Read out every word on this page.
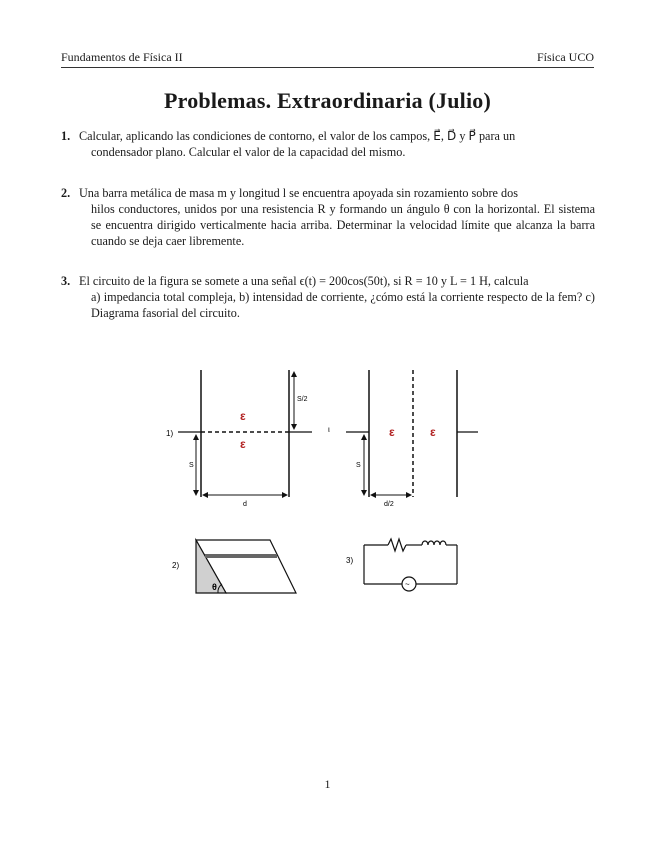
Fundamentos de Física II	Física UCO
Problemas. Extraordinaria (Julio)
1. Calcular, aplicando las condiciones de contorno, el valor de los campos, E⃗, D⃗ y P⃗ para un
condensador plano. Calcular el valor de la capacidad del mismo.
2. Una barra metálica de masa m y longitud l se encuentra apoyada sin rozamiento sobre dos
hilos conductores, unidos por una resistencia R y formando un ángulo θ con la horizontal. El sistema se encuentra dirigido verticalmente hacia arriba. Determinar la velocidad límite que alcanza la barra cuando se deja caer libremente.
3. El circuito de la figura se somete a una señal ϵ(t) = 200cos(50t), si R = 10 y L = 1 H, calcula
a) impedancia total compleja, b) intensidad de corriente, ¿cómo está la corriente respecto de la fem? c) Diagrama fasorial del circuito.
1)
S/2
S
d
ε
ε
ι
S
d/2
ε	ε
2)
θ
3)
~
1
